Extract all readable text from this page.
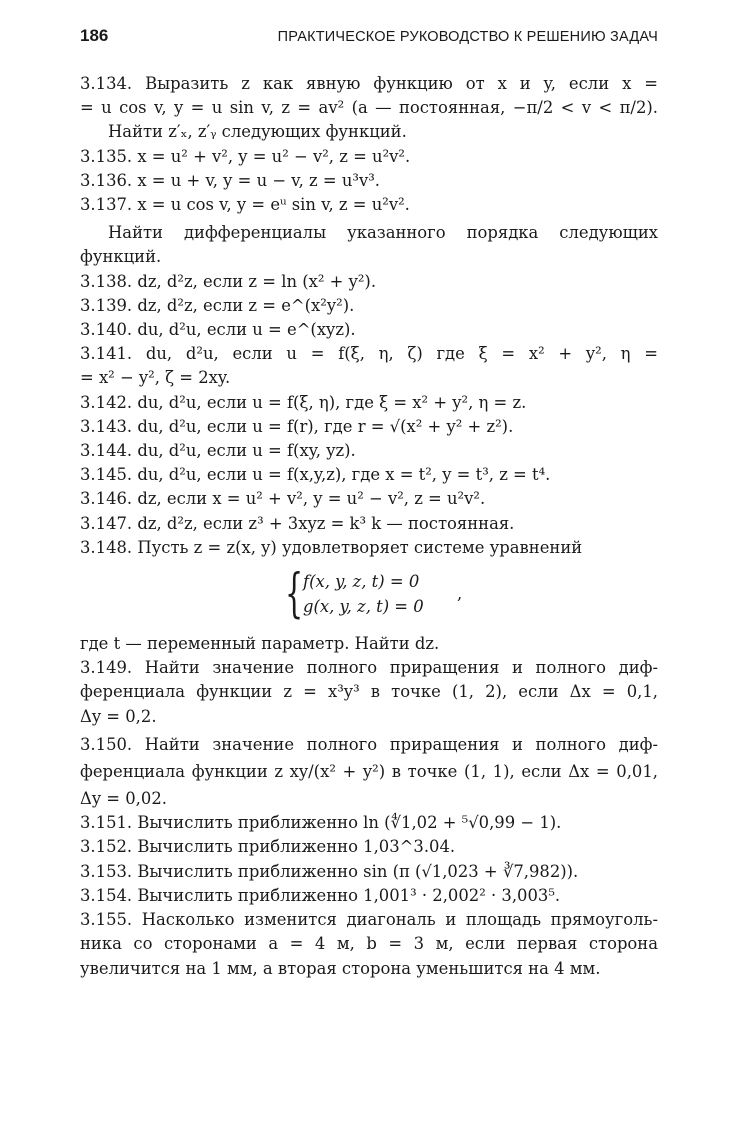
186	ПРАКТИЧЕСКОЕ РУКОВОДСТВО К РЕШЕНИЮ ЗАДАЧ
3.134. Выразить z как явную функцию от x и y, если x =
= u cos v, y = u sin v, z = av² (a — постоянная, −π/2 < v < π/2).
Найти z′ₓ, z′ᵧ следующих функций.
3.135. x = u² + v², y = u² − v², z = u²v².
3.136. x = u + v, y = u − v, z = u³v³.
3.137. x = u cos v, y = eᵘ sin v, z = u²v².
Найти дифференциалы указанного порядка следующих
функций.
3.138. dz, d²z, если z = ln (x² + y²).
3.139. dz, d²z, если z = e^(x²y²).
3.140. du, d²u, если u = e^(xyz).
3.141. du, d²u, если u = f(ξ, η, ζ) где ξ = x² + y², η =
= x² − y², ζ = 2xy.
3.142. du, d²u, если u = f(ξ, η), где ξ = x² + y², η = z.
3.143. du, d²u, если u = f(r), где r = √(x² + y² + z²).
3.144. du, d²u, если u = f(xy, yz).
3.145. du, d²u, если u = f(x,y,z), где x = t², y = t³, z = t⁴.
3.146. dz, если x = u² + v², y = u² − v², z = u²v².
3.147. dz, d²z, если z³ + 3xyz = k³ k — постоянная.
3.148. Пусть z = z(x, y) удовлетворяет системе уравнений
{ f(x, y, z, t) = 0
g(x, y, z, t) = 0
,
где t — переменный параметр. Найти dz.
3.149. Найти значение полного приращения и полного диф-
ференциала функции z = x³y³ в точке (1, 2), если Δx = 0,1,
Δy = 0,2.
3.150. Найти значение полного приращения и полного диф-
ференциала функции z xy/(x² + y²) в точке (1, 1), если Δx = 0,01,
Δy = 0,02.
3.151. Вычислить приближенно ln (∜1,02 + ⁵√0,99 − 1).
3.152. Вычислить приближенно 1,03^3.04.
3.153. Вычислить приближенно sin (π (√1,023 + ∛7,982)).
3.154. Вычислить приближенно 1,001³ · 2,002² · 3,003⁵.
3.155. Насколько изменится диагональ и площадь прямоуголь-
ника со сторонами a = 4 м, b = 3 м, если первая сторона
увеличится на 1 мм, а вторая сторона уменьшится на 4 мм.
